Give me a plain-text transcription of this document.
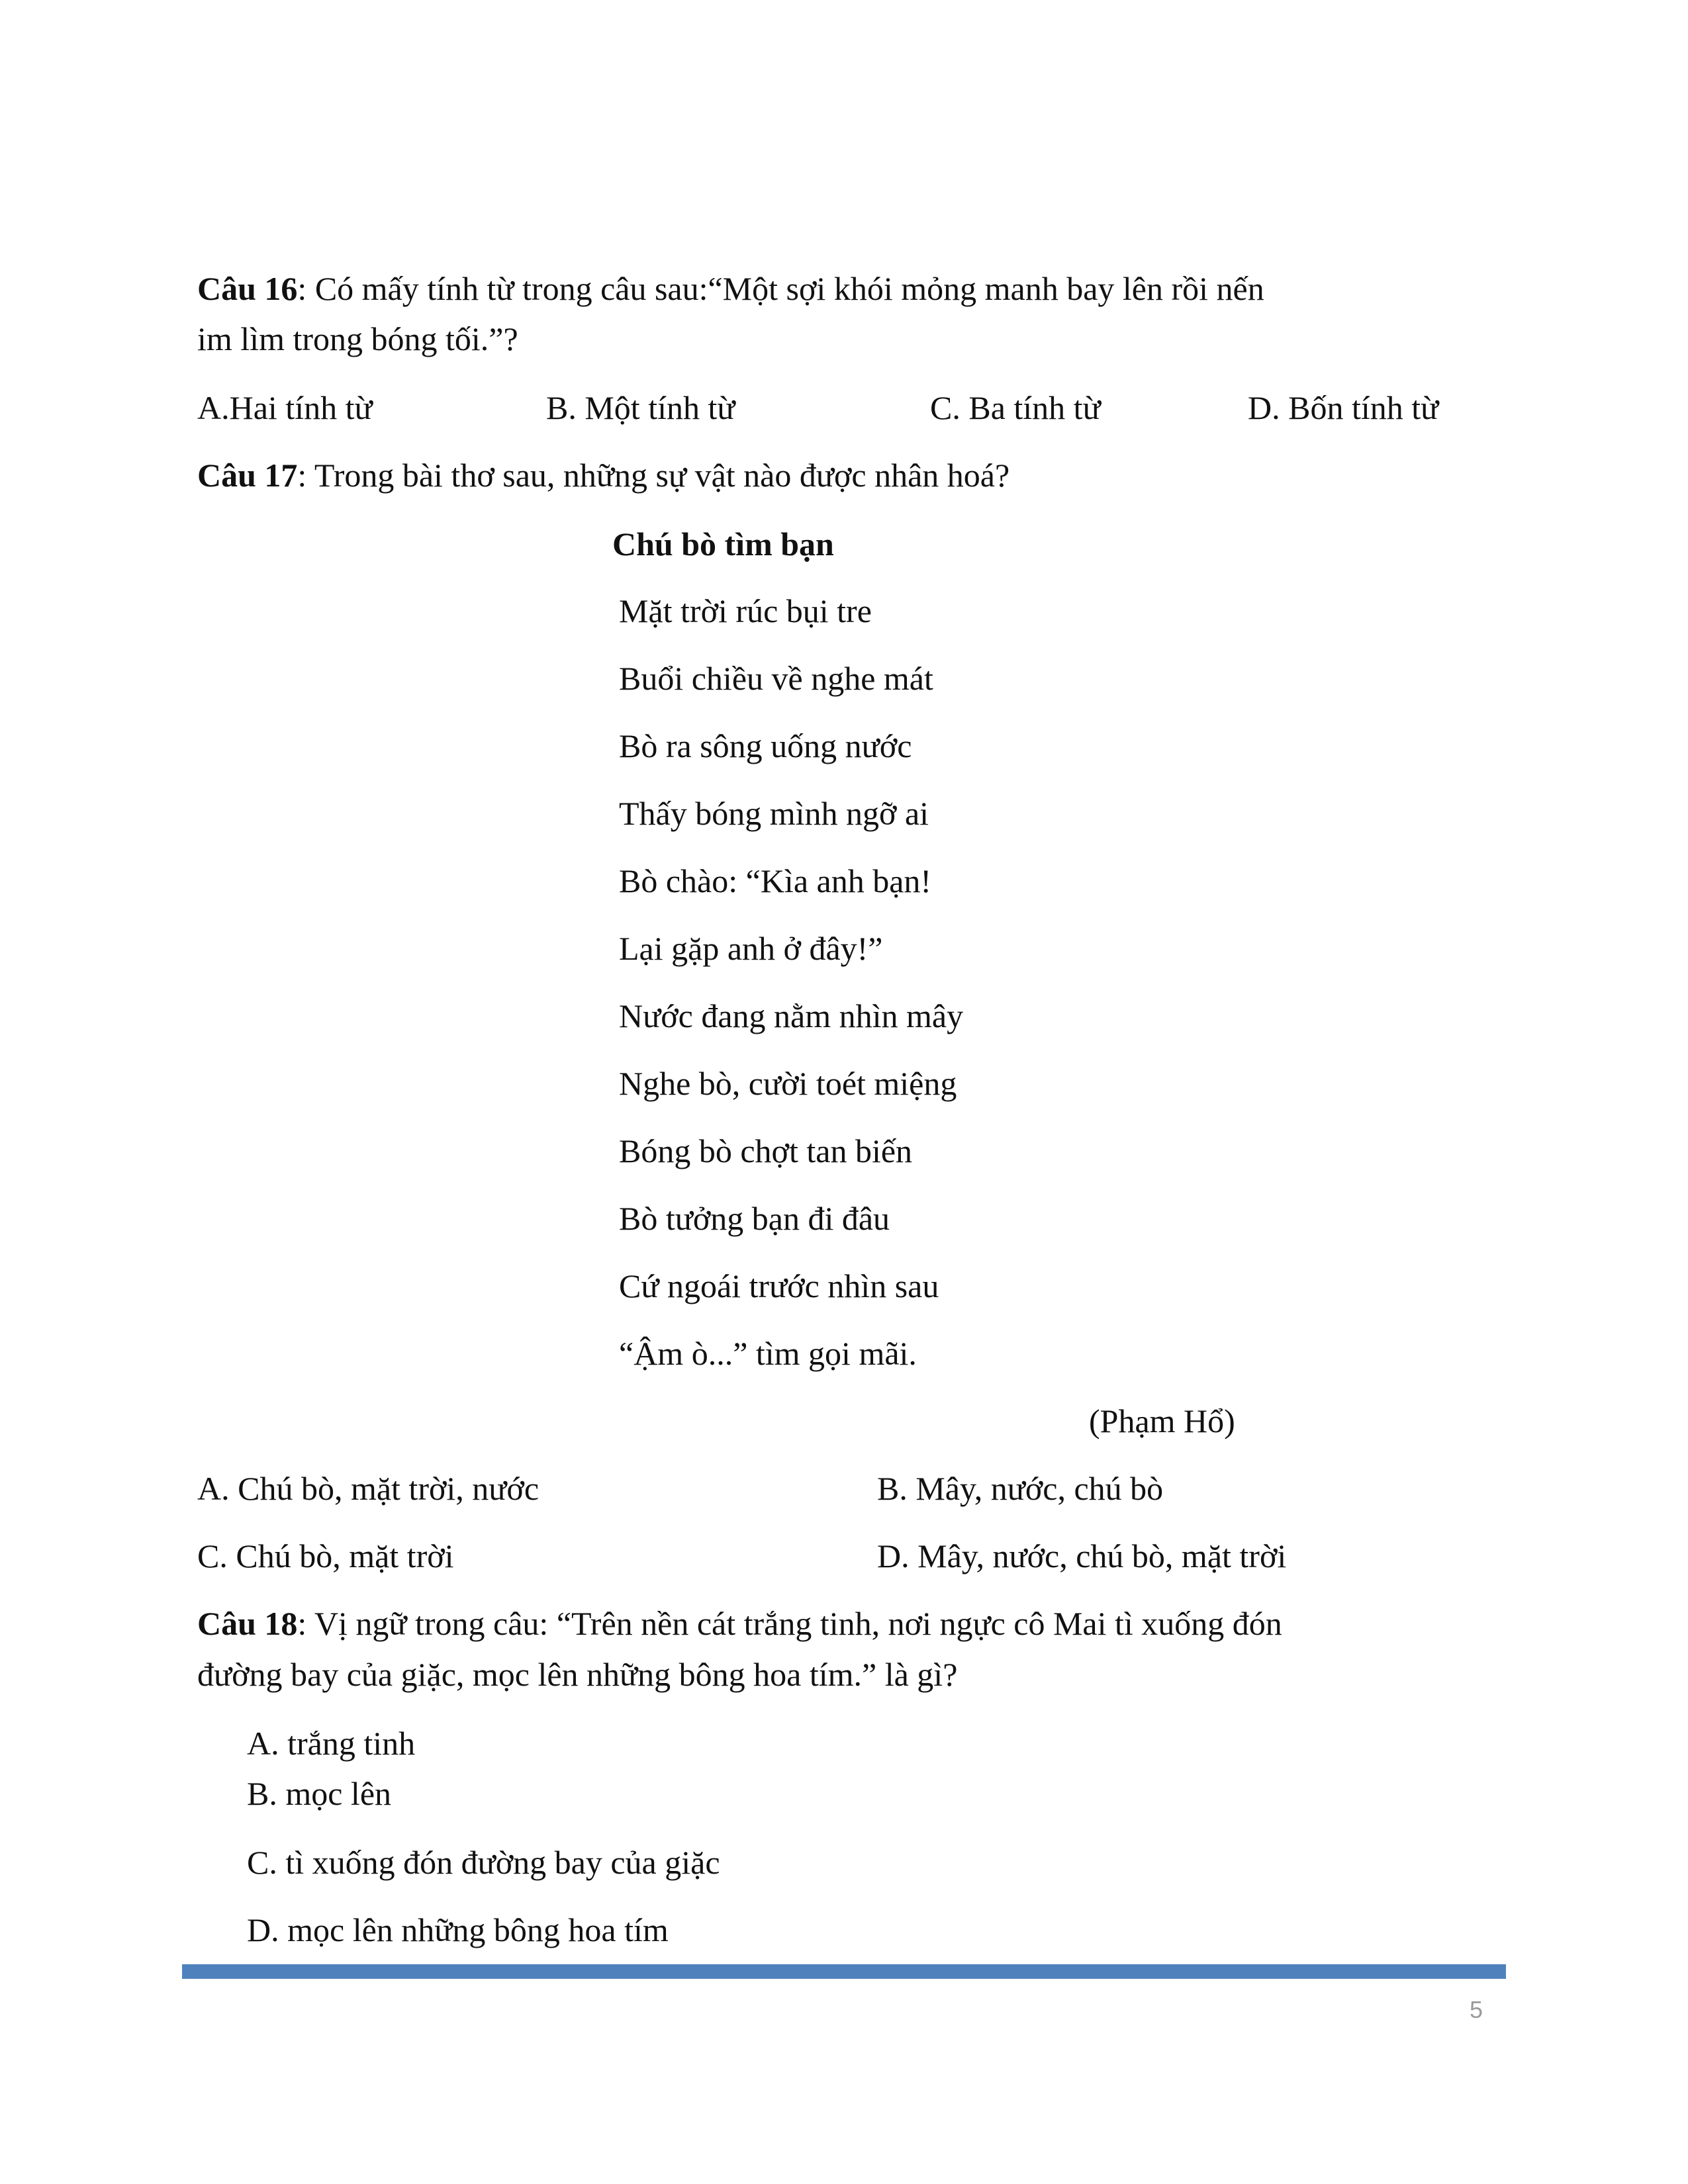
Câu 16: Có mấy tính từ trong câu sau:“Một sợi khói mỏng manh bay lên rồi nến

im lìm trong bóng tối.”?

A.Hai tính từ	B. Một tính từ	C. Ba tính từ	D. Bốn tính từ

Câu 17: Trong bài thơ sau, những sự vật nào được nhân hoá?

Chú bò tìm bạn

Mặt trời rúc bụi tre

Buổi chiều về nghe mát

Bò ra sông uống nước

Thấy bóng mình ngỡ ai

Bò chào: “Kìa anh bạn!

Lại gặp anh ở đây!”

Nước đang nằm nhìn mây

Nghe bò, cười toét miệng

Bóng bò chợt tan biến

Bò tưởng bạn đi đâu

Cứ ngoái trước nhìn sau

“Ậm ò...” tìm gọi mãi.

(Phạm Hổ)

A. Chú bò, mặt trời, nước	B. Mây, nước, chú bò

C. Chú bò, mặt trời	D. Mây, nước, chú bò, mặt trời

Câu 18: Vị ngữ trong câu: “Trên nền cát trắng tinh, nơi ngực cô Mai tì xuống đón

đường bay của giặc, mọc lên những bông hoa tím.” là gì?

A. trắng tinh

B. mọc lên

C. tì xuống đón đường bay của giặc

D. mọc lên những bông hoa tím

5
